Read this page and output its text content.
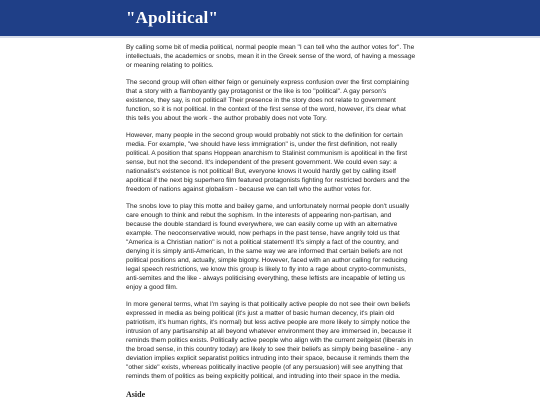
"Apolitical"

By calling some bit of media political, normal people mean "I can tell who the author votes for". The intellectuals, the academics or snobs, mean it in the Greek sense of the word, of having a message or meaning relating to politics.

The second group will often either feign or genuinely express confusion over the first complaining that a story with a flamboyantly gay protagonist or the like is too "political". A gay person's existence, they say, is not political! Their presence in the story does not relate to government function, so it is not political. In the context of the first sense of the word, however, it's clear what this tells you about the work - the author probably does not vote Tory.

However, many people in the second group would probably not stick to the definition for certain media. For example, "we should have less immigration" is, under the first definition, not really political. A position that spans Hoppean anarchism to Stalinist communism is apolitical in the first sense, but not the second. It's independent of the present government. We could even say: a nationalist's existence is not political! But, everyone knows it would hardly get by calling itself apolitical if the next big superhero film featured protagonists fighting for restricted borders and the freedom of nations against globalism - because we can tell who the author votes for.

The snobs love to play this motte and bailey game, and unfortunately normal people don't usually care enough to think and rebut the sophism. In the interests of appearing non-partisan, and because the double standard is found everywhere, we can easily come up with an alternative example. The neoconservative would, now perhaps in the past tense, have angrily told us that "America is a Christian nation" is not a political statement! It's simply a fact of the country, and denying it is simply anti-American, In the same way we are informed that certain beliefs are not political positions and, actually, simple bigotry. However, faced with an author calling for reducing legal speech restrictions, we know this group is likely to fly into a rage about crypto-communists, anti-semites and the like - always politicising everything, these leftists are incapable of letting us enjoy a good film.

In more general terms, what I'm saying is that politically active people do not see their own beliefs expressed in media as being political (it's just a matter of basic human decency, it's plain old patriotism, it's human rights, it's normal) but less active people are more likely to simply notice the intrusion of any partisanship at all beyond whatever environment they are immersed in, because it reminds them politics exists. Politically active people who align with the current zeitgeist (liberals in the broad sense, in this country today) are likely to see their beliefs as simply being baseline - any deviation implies explicit separatist politics intruding into their space, because it reminds them the "other side" exists, whereas politically inactive people (of any persuasion) will see anything that reminds them of politics as being explicitly political, and intruding into their space in the media.

Aside
